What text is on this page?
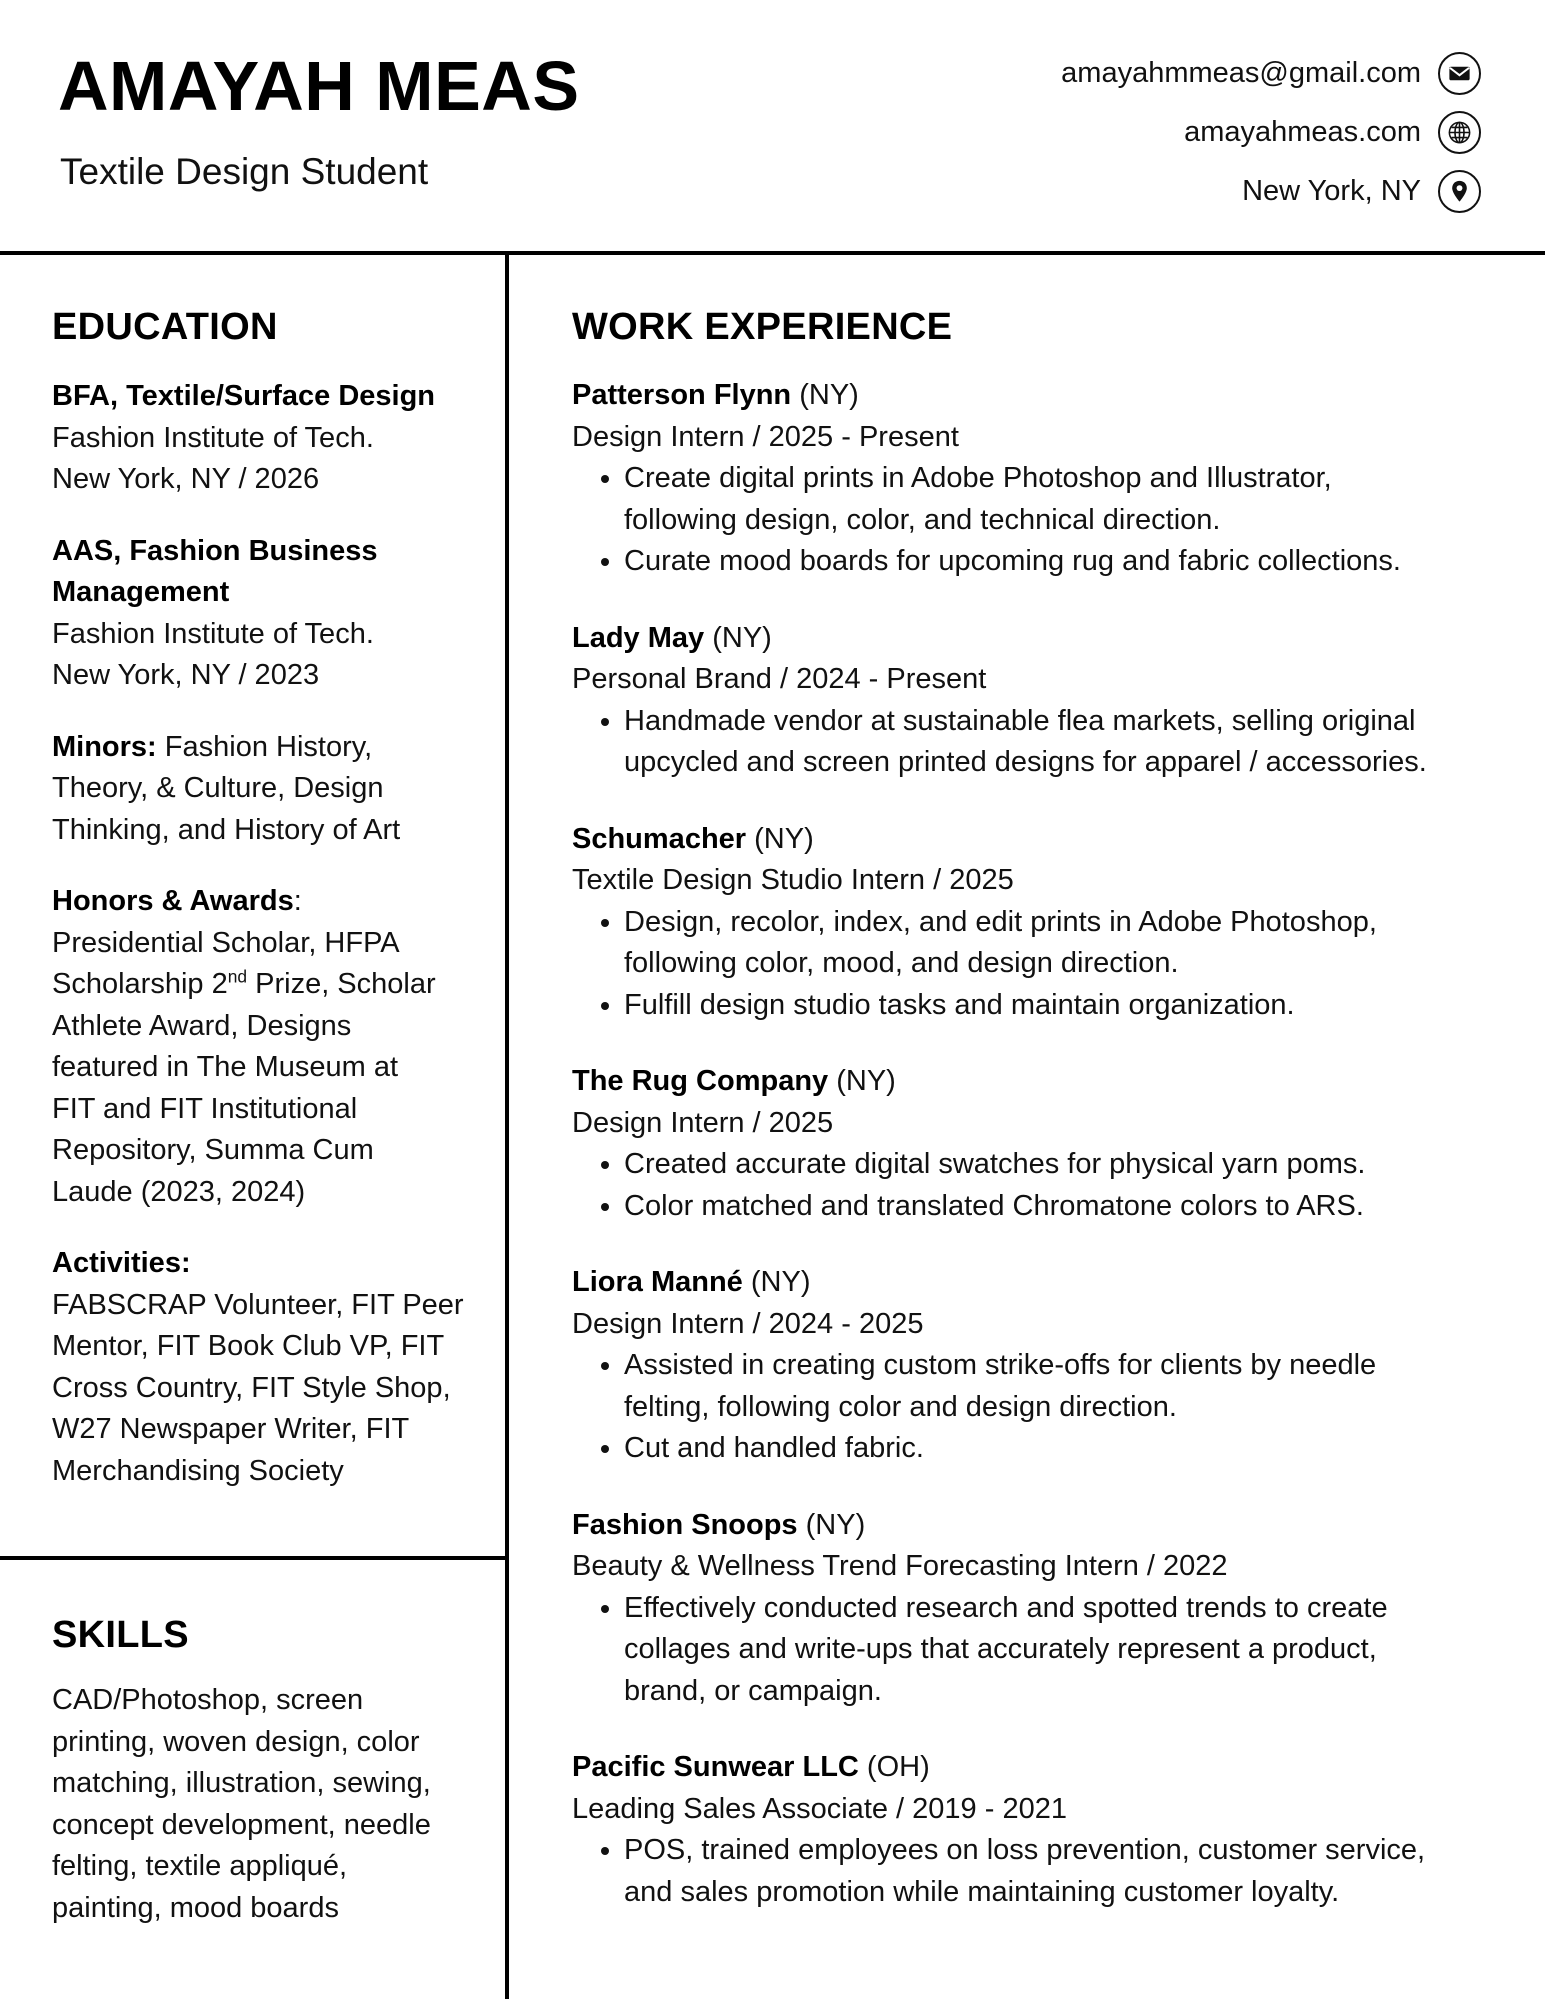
AMAYAH MEAS
Textile Design Student
amayahmmeas@gmail.com
amayahmeas.com
New York, NY
EDUCATION
BFA, Textile/Surface Design
Fashion Institute of Tech.
New York, NY / 2026
AAS, Fashion Business
Management
Fashion Institute of Tech.
New York, NY / 2023
Minors: Fashion History,
Theory, & Culture, Design
Thinking, and History of Art
Honors & Awards:
Presidential Scholar, HFPA
Scholarship 2nd Prize, Scholar
Athlete Award, Designs
featured in The Museum at
FIT and FIT Institutional
Repository, Summa Cum
Laude (2023, 2024)
Activities:
FABSCRAP Volunteer, FIT Peer
Mentor, FIT Book Club VP, FIT
Cross Country, FIT Style Shop,
W27 Newspaper Writer, FIT
Merchandising Society
SKILLS
CAD/Photoshop, screen
printing, woven design, color
matching, illustration, sewing,
concept development, needle
felting, textile appliqué,
painting, mood boards
WORK EXPERIENCE
Patterson Flynn (NY)
Design Intern / 2025 - Present
• Create digital prints in Adobe Photoshop and Illustrator,
following design, color, and technical direction.
• Curate mood boards for upcoming rug and fabric collections.
Lady May (NY)
Personal Brand / 2024 - Present
• Handmade vendor at sustainable flea markets, selling original
upcycled and screen printed designs for apparel / accessories.
Schumacher (NY)
Textile Design Studio Intern / 2025
• Design, recolor, index, and edit prints in Adobe Photoshop,
following color, mood, and design direction.
• Fulfill design studio tasks and maintain organization.
The Rug Company (NY)
Design Intern / 2025
• Created accurate digital swatches for physical yarn poms.
• Color matched and translated Chromatone colors to ARS.
Liora Manné (NY)
Design Intern / 2024 - 2025
• Assisted in creating custom strike-offs for clients by needle
felting, following color and design direction.
• Cut and handled fabric.
Fashion Snoops (NY)
Beauty & Wellness Trend Forecasting Intern / 2022
• Effectively conducted research and spotted trends to create
collages and write-ups that accurately represent a product,
brand, or campaign.
Pacific Sunwear LLC (OH)
Leading Sales Associate / 2019 - 2021
• POS, trained employees on loss prevention, customer service,
and sales promotion while maintaining customer loyalty.
